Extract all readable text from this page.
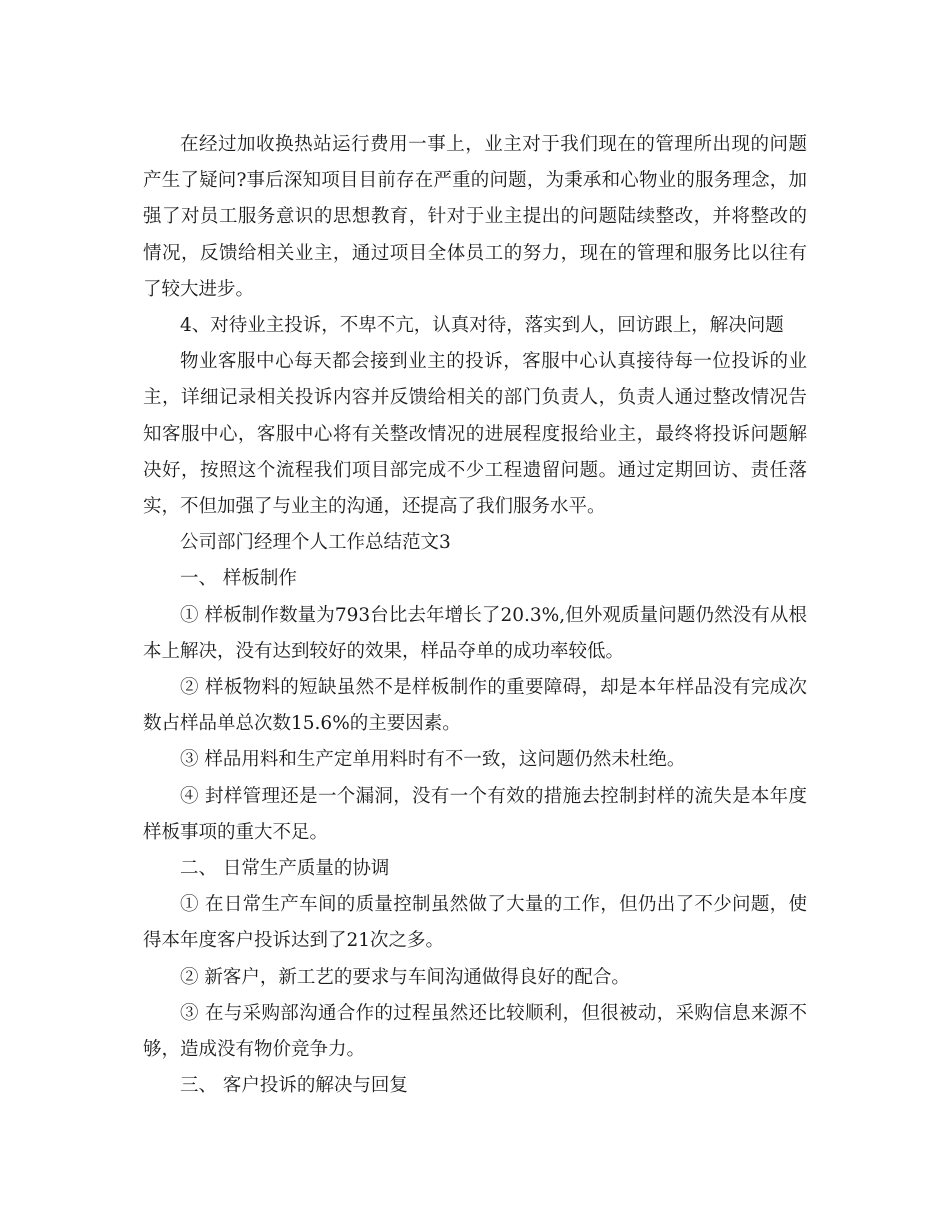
在经过加收换热站运行费用一事上，业主对于我们现在的管理所出现的问题产生了疑问?事后深知项目目前存在严重的问题，为秉承和心物业的服务理念，加强了对员工服务意识的思想教育，针对于业主提出的问题陆续整改，并将整改的情况，反馈给相关业主，通过项目全体员工的努力，现在的管理和服务比以往有了较大进步。

4、对待业主投诉，不卑不亢，认真对待，落实到人，回访跟上，解决问题

物业客服中心每天都会接到业主的投诉，客服中心认真接待每一位投诉的业主，详细记录相关投诉内容并反馈给相关的部门负责人，负责人通过整改情况告知客服中心，客服中心将有关整改情况的进展程度报给业主，最终将投诉问题解决好，按照这个流程我们项目部完成不少工程遗留问题。通过定期回访、责任落实，不但加强了与业主的沟通，还提高了我们服务水平。

公司部门经理个人工作总结范文3

一、 样板制作

① 样板制作数量为793台比去年增长了20.3%,但外观质量问题仍然没有从根本上解决，没有达到较好的效果，样品夺单的成功率较低。

② 样板物料的短缺虽然不是样板制作的重要障碍，却是本年样品没有完成次数占样品单总次数15.6%的主要因素。

③ 样品用料和生产定单用料时有不一致，这问题仍然未杜绝。

④ 封样管理还是一个漏洞，没有一个有效的措施去控制封样的流失是本年度样板事项的重大不足。

二、 日常生产质量的协调

① 在日常生产车间的质量控制虽然做了大量的工作，但仍出了不少问题，使得本年度客户投诉达到了21次之多。

② 新客户，新工艺的要求与车间沟通做得良好的配合。

③ 在与采购部沟通合作的过程虽然还比较顺利，但很被动，采购信息来源不够，造成没有物价竞争力。

三、 客户投诉的解决与回复
